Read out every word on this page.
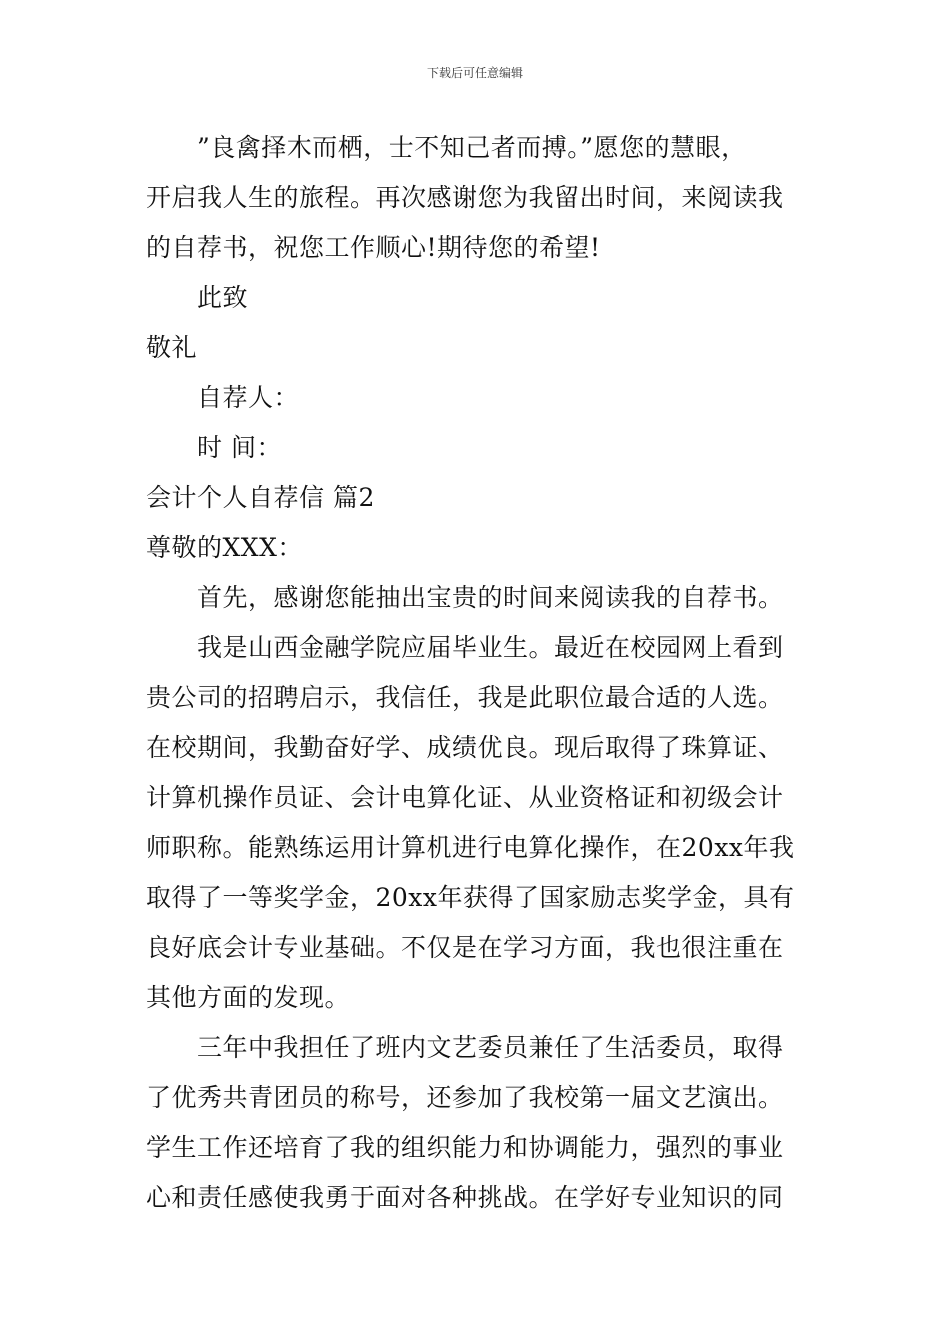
下载后可任意编辑
”良禽择木而栖，士不知己者而搏。”愿您的慧眼，
开启我人生的旅程。再次感谢您为我留出时间，来阅读我
的自荐书，祝您工作顺心!期待您的希望!
此致
敬礼
自荐人：
时 间：
会计个人自荐信 篇2
尊敬的XXX：
首先，感谢您能抽出宝贵的时间来阅读我的自荐书。
我是山西金融学院应届毕业生。最近在校园网上看到
贵公司的招聘启示，我信任，我是此职位最合适的人选。
在校期间，我勤奋好学、成绩优良。现后取得了珠算证、
计算机操作员证、会计电算化证、从业资格证和初级会计
师职称。能熟练运用计算机进行电算化操作，在20xx年我
取得了一等奖学金，20xx年获得了国家励志奖学金，具有
良好底会计专业基础。不仅是在学习方面，我也很注重在
其他方面的发现。
三年中我担任了班内文艺委员兼任了生活委员，取得
了优秀共青团员的称号，还参加了我校第一届文艺演出。
学生工作还培育了我的组织能力和协调能力，强烈的事业
心和责任感使我勇于面对各种挑战。在学好专业知识的同
